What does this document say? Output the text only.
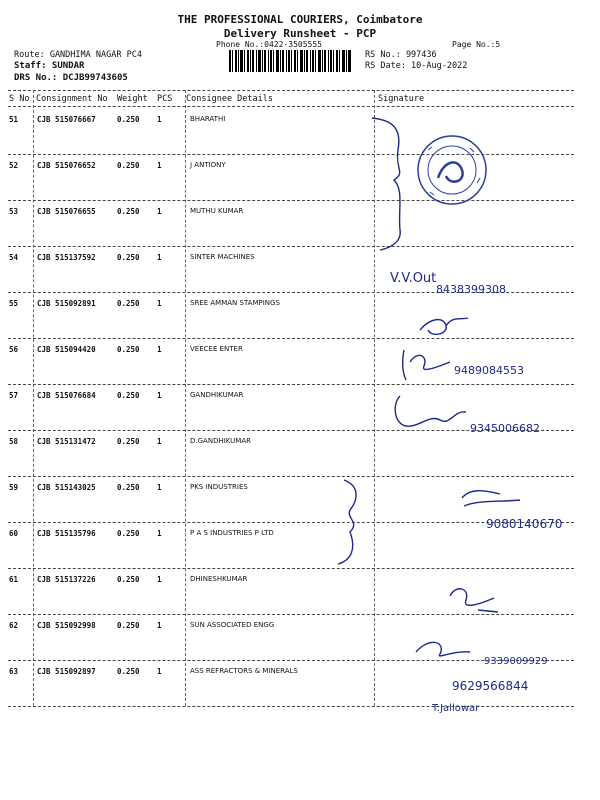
THE PROFESSIONAL COURIERS, Coimbatore
Delivery Runsheet - PCP
Phone No.:0422-3505555	Page No.:5
Route: GANDHIMA NAGAR PC4
Staff: SUNDAR
DRS No.: DCJB99743605
RS No.: 997436
RS Date: 10-Aug-2022
S No Consignment No Weight PCS Consignee Details	Signature
51	CJB 515076667	0.250 1	BHARATHI
52	CJB 515076652	0.250 1	J ANTIONY
53	CJB 515076655	0.250 1	MUTHU KUMAR
54	CJB 515137592	0.250 1	SINTER MACHINES
55	CJB 515092891	0.250 1	SREE AMMAN STAMPINGS
56	CJB 515094420	0.250 1	VEECEE ENTER
57	CJB 515076684	0.250 1	GANDHIKUMAR
58	CJB 515131472	0.250 1	D.GANDHIKUMAR
59	CJB 515143025	0.250 1	PKS INDUSTRIES
60	CJB 515135796	0.250 1	P A S INDUSTRIES P LTD
61	CJB 515137226	0.250 1	DHINESHKUMAR
62	CJB 515092998	0.250 1	SUN ASSOCIATED ENGG
63	CJB 515092897	0.250 1	ASS REFRACTORS & MINERALS
V.V.Out
8438399308
9489084553
9345006682
9080140670
9339009929
9629566844
T.Jallowar
